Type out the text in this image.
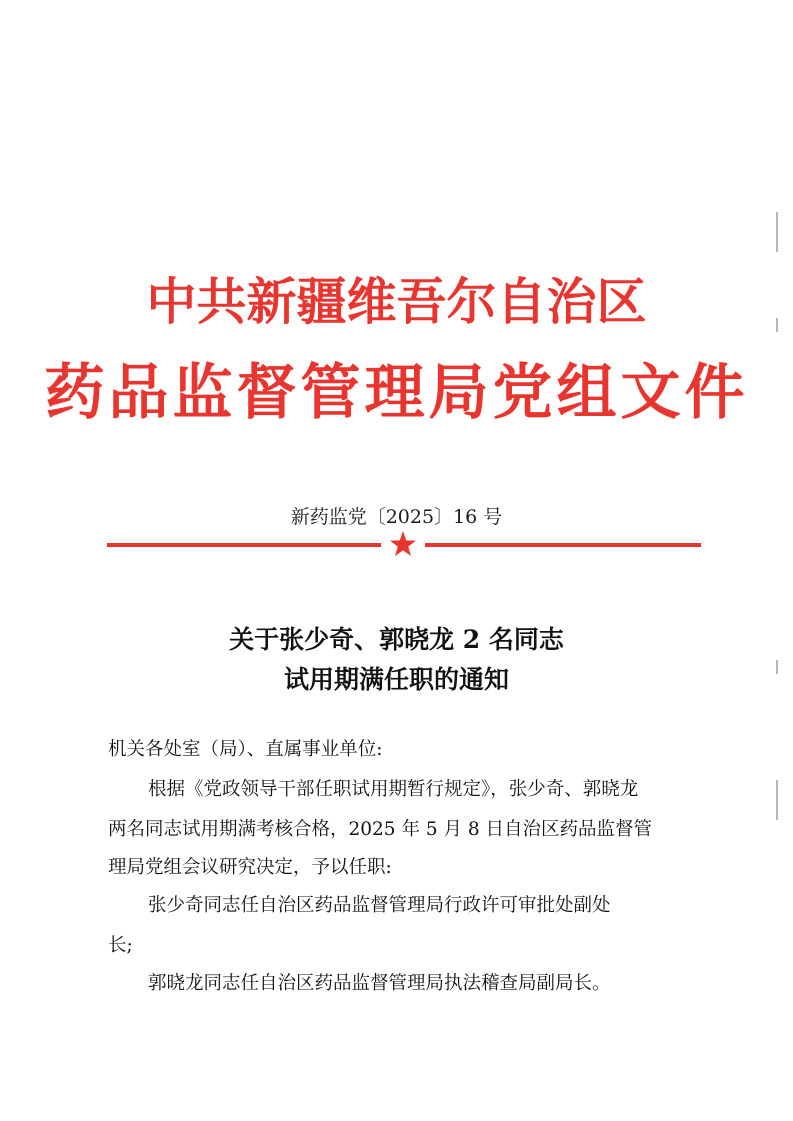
中共新疆维吾尔自治区
药品监督管理局党组文件
新药监党〔2025〕16 号
关于张少奇、郭晓龙 2 名同志
试用期满任职的通知
机关各处室（局）、直属事业单位:
根据《党政领导干部任职试用期暂行规定》，张少奇、郭晓龙
两名同志试用期满考核合格，2025 年 5 月 8 日自治区药品监督管
理局党组会议研究决定，予以任职:
张少奇同志任自治区药品监督管理局行政许可审批处副处
长;
郭晓龙同志任自治区药品监督管理局执法稽查局副局长。
